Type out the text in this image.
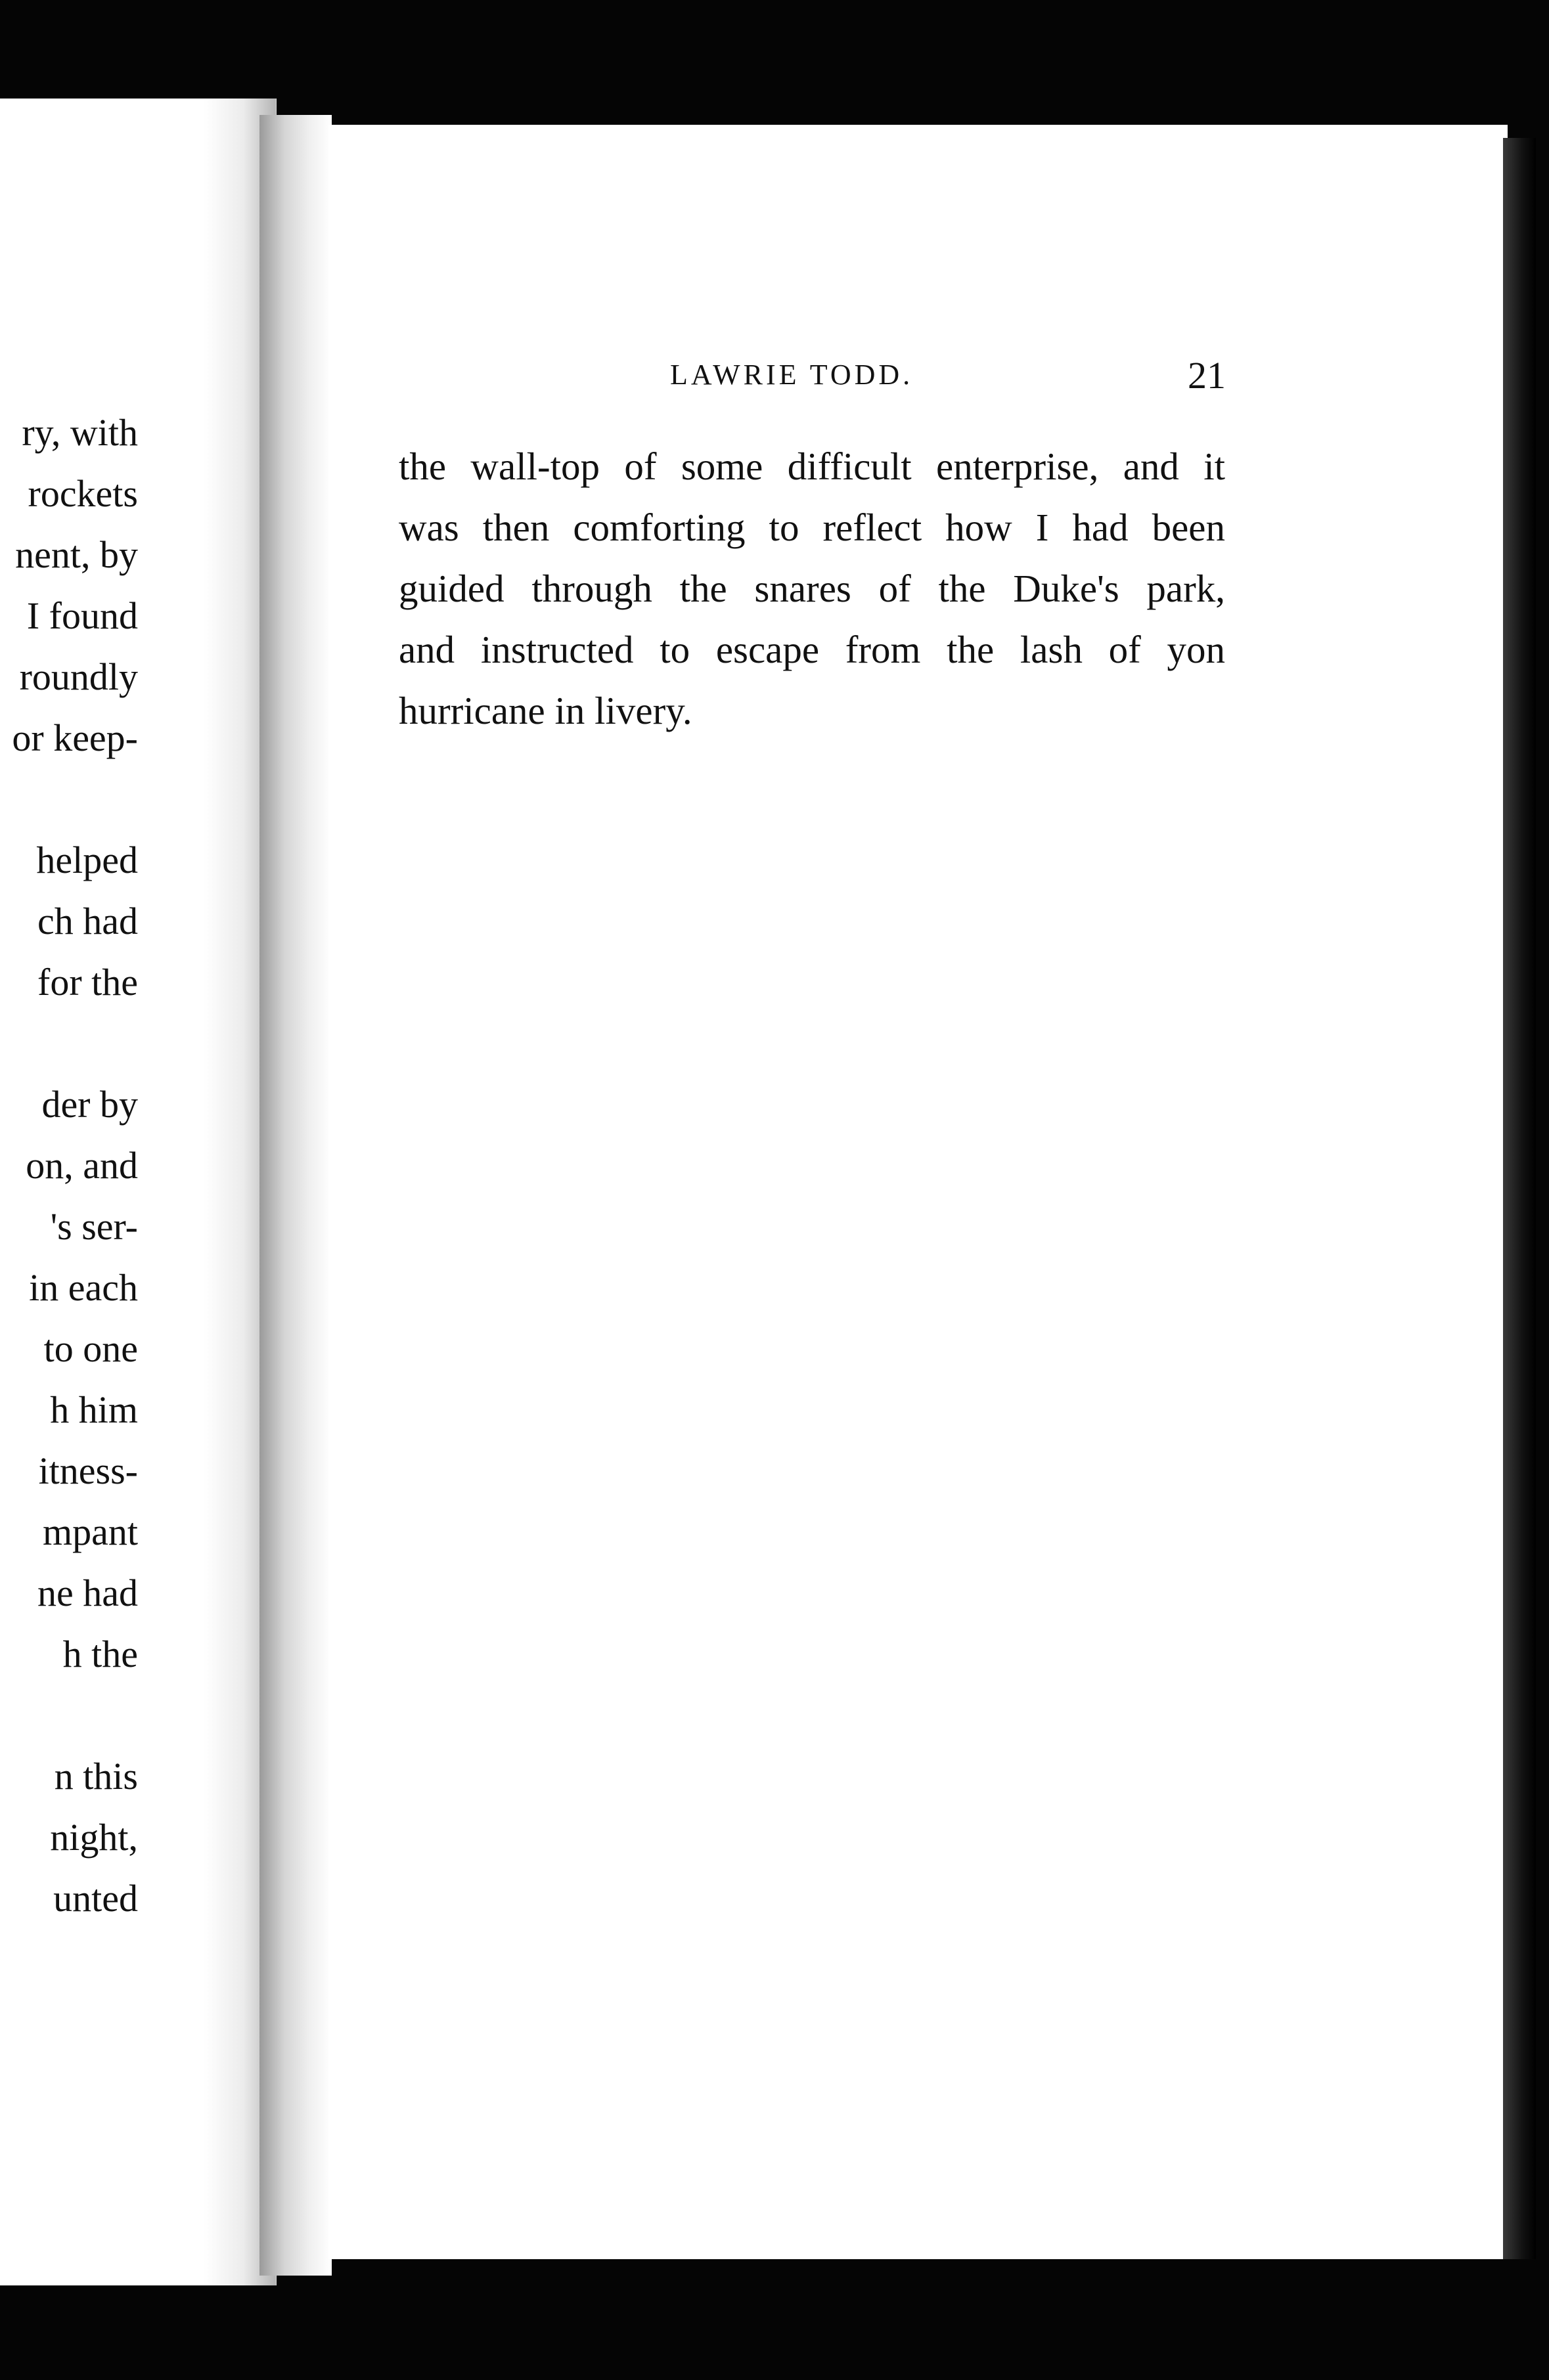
ry, with
rockets
nent, by
I found
roundly
or keep-
helped
ch had
for the
der by
on, and
's ser-
in each
to one
h him
itness-
mpant
ne had
h the
n this
night,
unted
LAWRIE TODD.	21
the wall-top of some difficult enterprise, and it
was then comforting to reflect how I had been
guided through the snares of the Duke's park,
and instructed to escape from the lash of yon
hurricane in livery.
